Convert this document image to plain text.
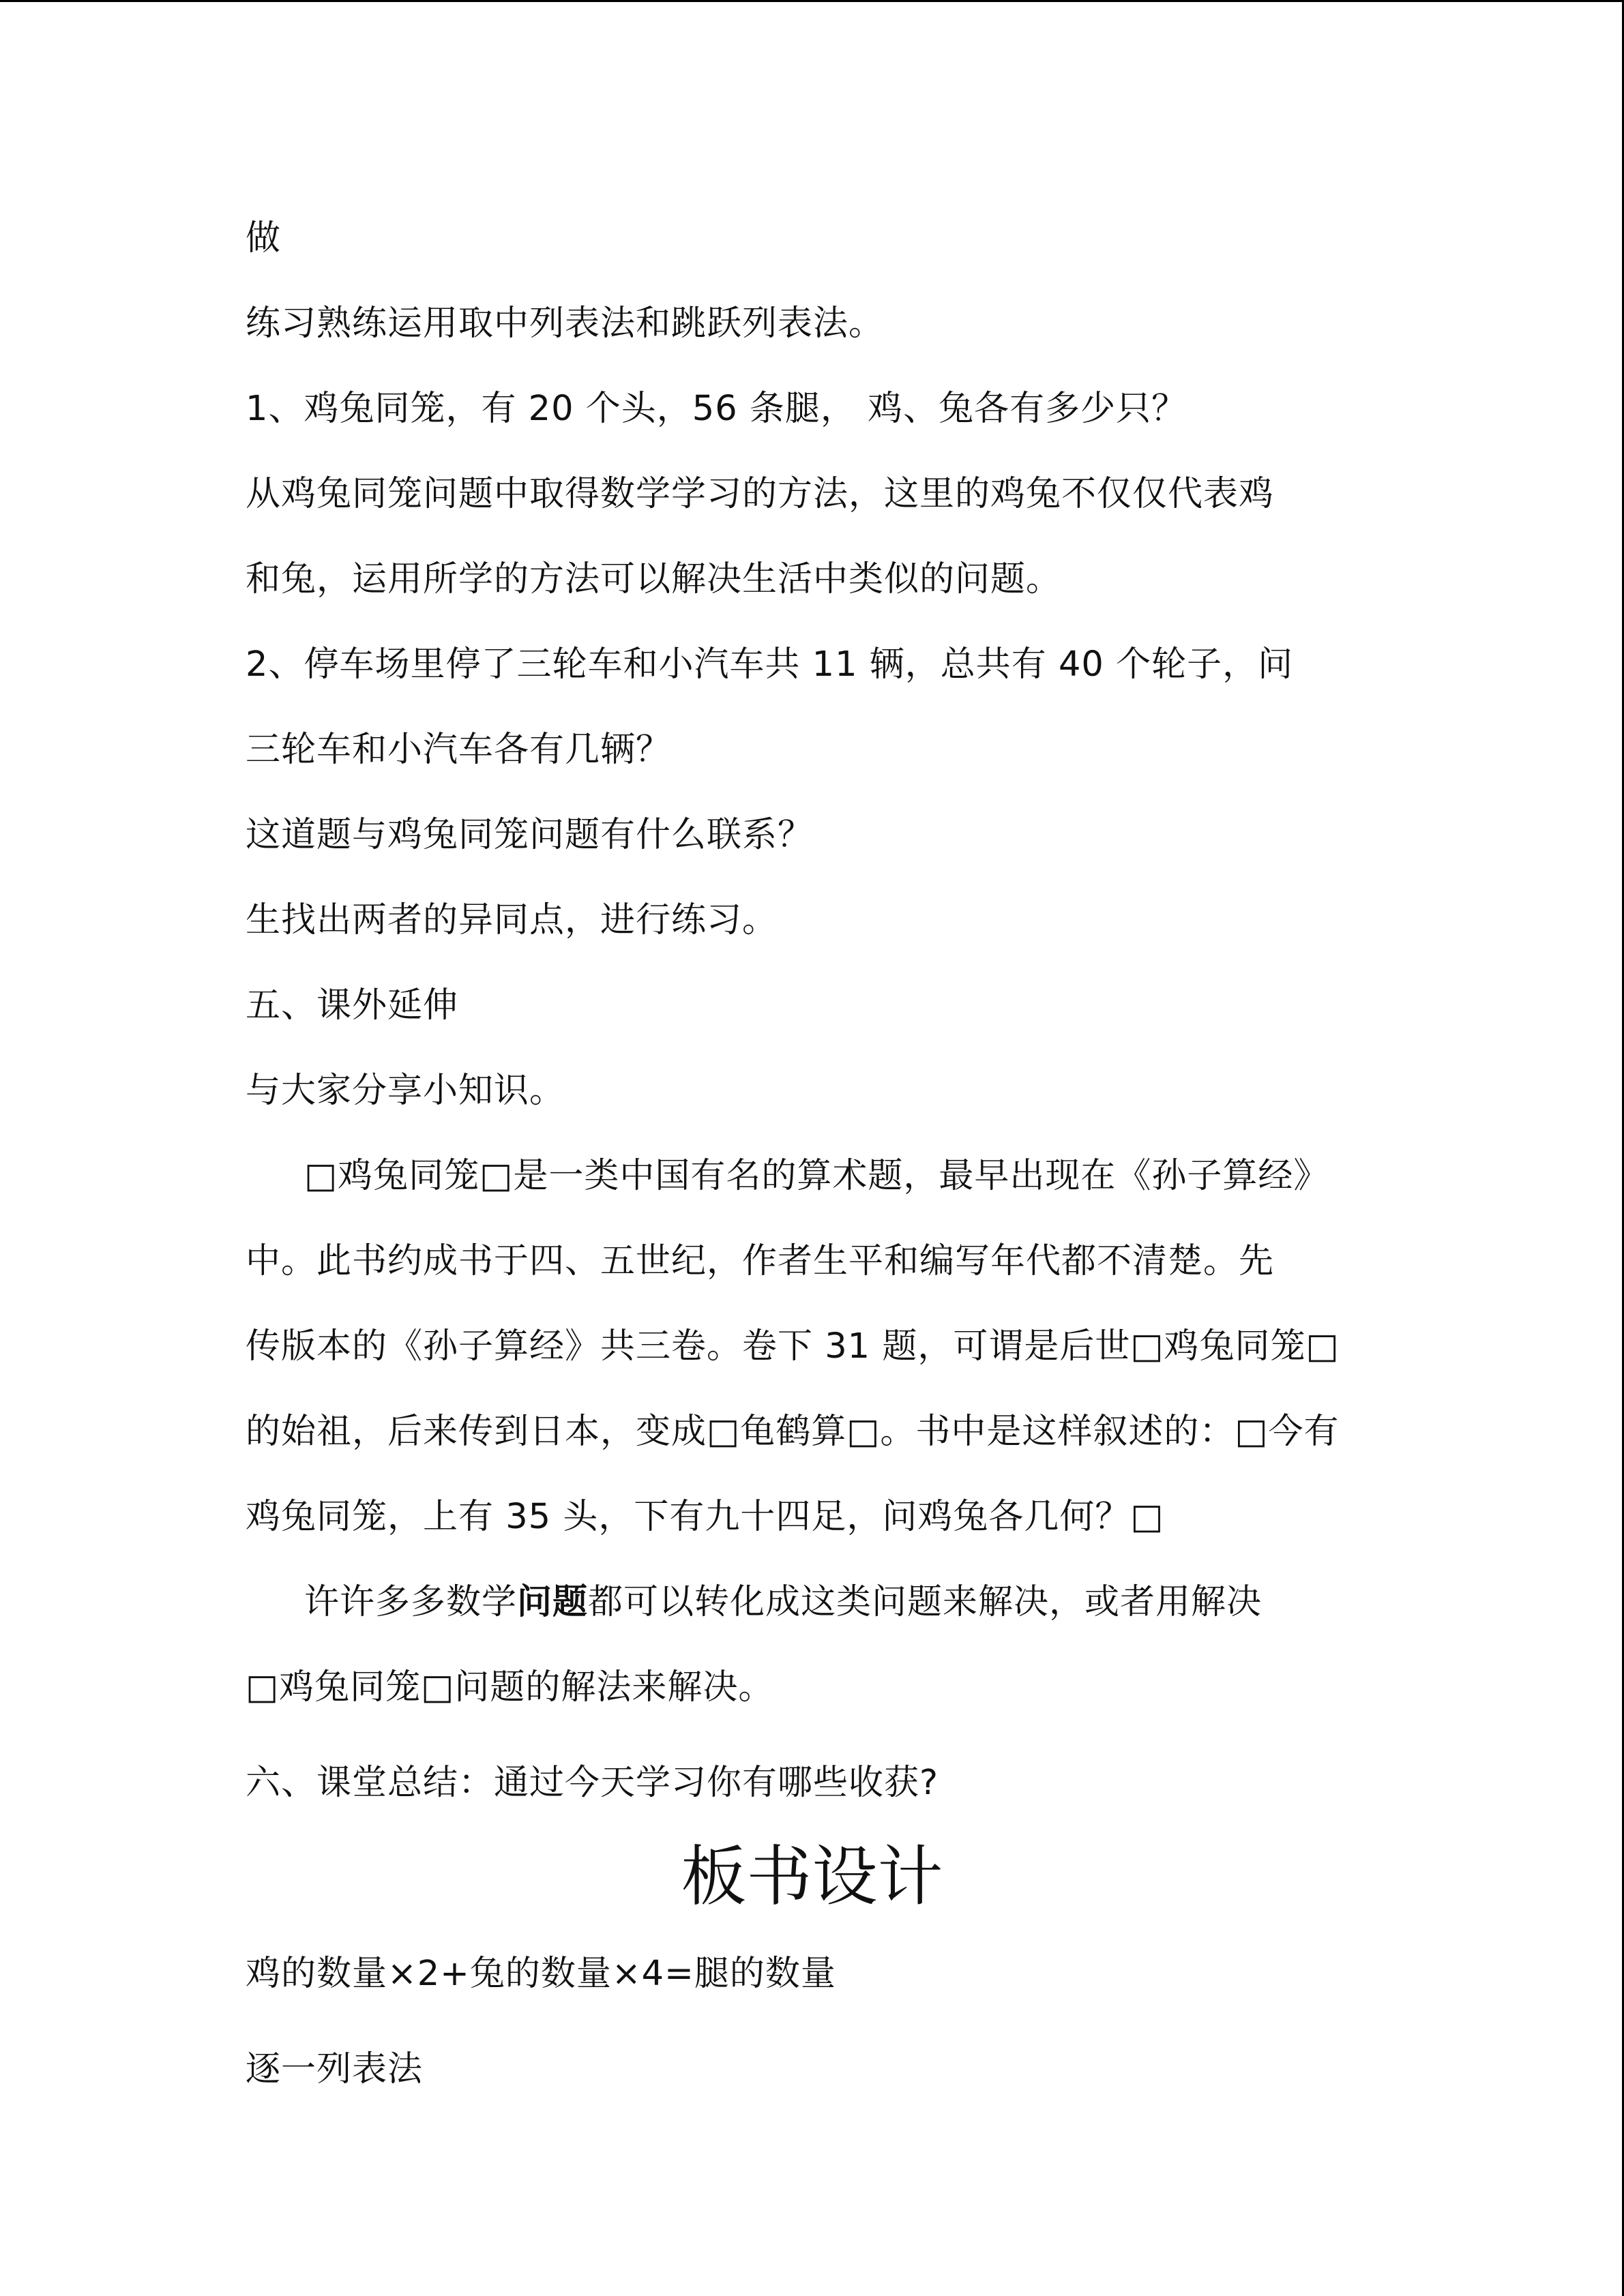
做
练习熟练运用取中列表法和跳跃列表法。
1、鸡兔同笼，有 20 个头，56 条腿， 鸡、兔各有多少只？
从鸡兔同笼问题中取得数学学习的方法，这里的鸡兔不仅仅代表鸡
和兔，运用所学的方法可以解决生活中类似的问题。
2、停车场里停了三轮车和小汽车共 11 辆，总共有 40 个轮子，问
三轮车和小汽车各有几辆？
这道题与鸡兔同笼问题有什么联系？
生找出两者的异同点，进行练习。
五、课外延伸
与大家分享小知识。
□鸡兔同笼□是一类中国有名的算术题，最早出现在《孙子算经》
中。此书约成书于四、五世纪，作者生平和编写年代都不清楚。先
传版本的《孙子算经》共三卷。卷下 31 题，可谓是后世□鸡兔同笼□
的始祖，后来传到日本，变成□龟鹤算□。书中是这样叙述的：□今有
鸡兔同笼，上有 35 头，下有九十四足，问鸡兔各几何？□
许许多多数学问题都可以转化成这类问题来解决，或者用解决
□鸡兔同笼□问题的解法来解决。
六、课堂总结：通过今天学习你有哪些收获?
板书设计
鸡的数量×2+兔的数量×4=腿的数量
逐一列表法
